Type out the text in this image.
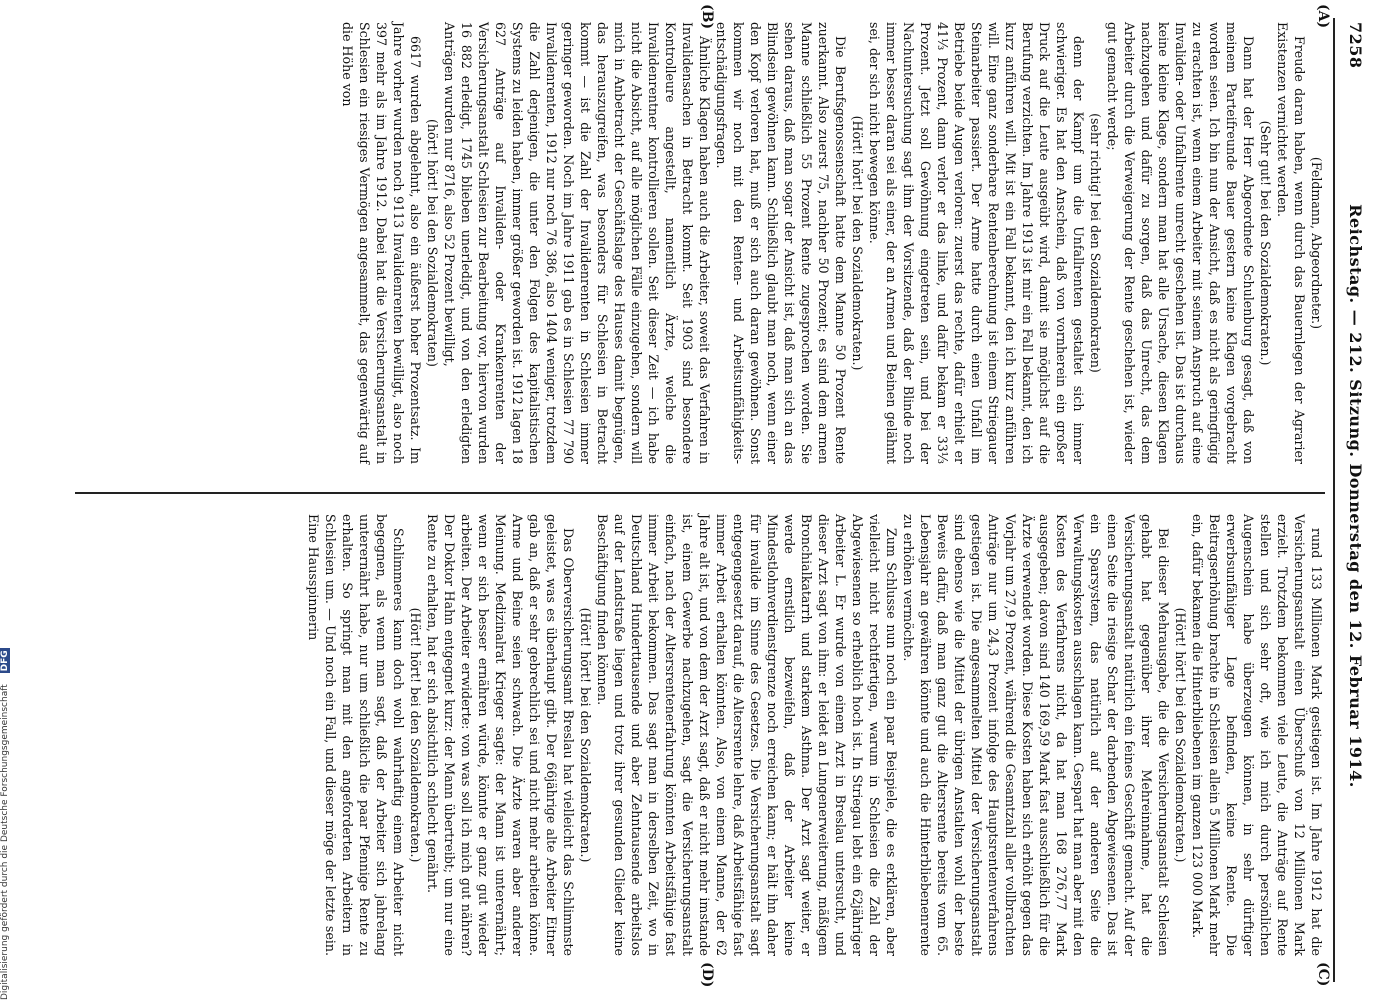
7258
Reichstag. — 212. Sitzung. Donnerstag den 12. Februar 1914.
(A)
(B)
(C)
(D)

(Feldmann, Abgeordneter.)

Freude daran haben, wenn durch das Bauernlegen der Agrarier Existenzen vernichtet werden.

(Sehr gut! bei den Sozialdemokraten.)

Dann hat der Herr Abgeordnete Schulenburg gesagt, daß von meinem Parteifreunde Bauer gestern keine Klagen vorgebracht worden seien. Ich bin nun der Ansicht, daß es nicht als geringfügig zu erachten ist, wenn einem Arbeiter mit seinem Anspruch auf eine Invaliden- oder Unfallrente unrecht geschehen ist. Das ist durchaus keine kleine Klage, sondern man hat alle Ursache, diesen Klagen nachzugehen und dafür zu sorgen, daß das Unrecht, das dem Arbeiter durch die Verweigerung der Rente geschehen ist, wieder gut gemacht werde;

(sehr richtig! bei den Sozialdemokraten)

denn der Kampf um die Unfallrenten gestaltet sich immer schwieriger. Es hat den Anschein, daß von vornherein ein großer Druck auf die Leute ausgeübt wird, damit sie möglichst auf die Berufung verzichten. Im Jahre 1913 ist mir ein Fall bekannt, den ich kurz anführen will. Mit ist ein Fall bekannt, den ich kurz anführen will. Eine ganz sonderbare Rentenberechnung ist einem Striegauer Steinarbeiter passiert. Der Arme hatte durch einen Unfall im Betriebe beide Augen verloren: zuerst das rechte, dafür erhielt er 41⅓ Prozent, dann verlor er das linke, und dafür bekam er 33⅓ Prozent. Jetzt soll Gewöhnung eingetreten sein, und bei der Nachuntersuchung sagt ihm der Vorsitzende, daß der Blinde noch immer besser daran sei als einer, der an Armen und Beinen gelähmt sei, der sich nicht bewegen könne.

(Hört! hört! bei den Sozialdemokraten.)

Die Berufsgenossenschaft hatte dem Manne 50 Prozent Rente zuerkannt. Also zuerst 75, nachher 50 Prozent; es sind dem armen Manne schließlich 55 Prozent Rente zugesprochen worden. Sie sehen daraus, daß man sogar der Ansicht ist, daß man sich an das Blindsein gewöhnen kann. Schließlich glaubt man noch, wenn einer den Kopf verloren hat, muß er sich auch daran gewöhnen. Sonst kommen wir noch mit den Renten- und Arbeitsunfähigkeits-entschädigungsfragen.

Ähnliche Klagen haben auch die Arbeiter, soweit das Verfahren in Invalidensachen in Betracht kommt. Seit 1903 sind besondere Kontrolleure angestellt, namentlich Ärzte, welche die Invalidenrentner kontrollieren sollen. Seit dieser Zeit — ich habe nicht die Absicht, auf alle möglichen Fälle einzugehen, sondern will mich in Anbetracht der Geschäftslage des Hauses damit begnügen, das herauszugreifen, was besonders für Schlesien in Betracht kommt — ist die Zahl der Invalidenrenten in Schlesien immer geringer geworden. Noch im Jahre 1911 gab es in Schlesien 77 790 Invalidenrenten, 1912 nur noch 76 386, also 1404 weniger, trotzdem die Zahl derjenigen, die unter den Folgen des kapitalistischen Systems zu leiden haben, immer größer geworden ist. 1912 lagen 18 627 Anträge auf Invaliden- oder Krankenrenten der Versicherungsanstalt Schlesien zur Bearbeitung vor, hiervon wurden 16 882 erledigt, 1745 blieben unerledigt, und von den erledigten Anträgen wurden nur 8716, also 52 Prozent bewilligt,

(hört! hört! bei den Sozialdemokraten)

6617 wurden abgelehnt, also ein äußerst hoher Prozentsatz. Im Jahre vorher wurden noch 9113 Invalidenrenten bewilligt, also noch 397 mehr als im Jahre 1912. Dabei hat die Versicherungsanstalt in Schlesien ein riesiges Vermögen angesammelt, das gegenwärtig auf die Höhe von

rund 133 Millionen Mark gestiegen ist. Im Jahre 1912 hat die Versicherungsanstalt einen Überschuß von 12 Millionen Mark erzielt. Trotzdem bekommen viele Leute, die Anträge auf Rente stellen und sich sehr oft, wie ich mich durch persönlichen Augenschein habe überzeugen können, in sehr dürftiger erwerbsunfähiger Lage befinden, keine Rente. Die Beitragserhöhung brachte in Schlesien allein 5 Millionen Mark mehr ein, dafür bekamen die Hinterbliebenen im ganzen 123 000 Mark.

(Hört! hört! bei den Sozialdemokraten.)

Bei dieser Mehrausgabe, die die Versicherungsanstalt Schlesien gehabt hat gegenüber ihrer Mehreinnahme, hat die Versicherungsanstalt natürlich ein feines Geschäft gemacht. Auf der einen Seite die riesige Schar der darbenden Abgewiesenen. Das ist ein Sparsystem, das natürlich auf der anderen Seite die Verwaltungskosten ausschlagen kann. Gespart hat man aber mit den Kosten des Verfahrens nicht, da hat man 168 276,77 Mark ausgegeben; davon sind 140 169,59 Mark fast ausschließlich für die Ärzte verwendet worden. Diese Kosten haben sich erhöht gegen das Vorjahr um 27,9 Prozent, während die Gesamtzahl aller vollbrachten Anträge nur um 24,3 Prozent infolge des Hauptsrentenverfahrens gestiegen ist. Die angesammelten Mittel der Versicherungsanstalt sind ebenso wie die Mittel der übrigen Anstalten wohl der beste Beweis dafür, daß man ganz gut die Altersrente bereits vom 65. Lebensjahr an gewähren könnte und auch die Hinterbliebenenrente zu erhöhen vermöchte.

Zum Schlusse nun noch ein paar Beispiele, die es erklären, aber vielleicht nicht rechtfertigen, warum in Schlesien die Zahl der Abgewiesenen so erheblich hoch ist. In Striegau lebt ein 62jähriger Arbeiter L. Er wurde von einem Arzt in Breslau untersucht, und dieser Arzt sagt von ihm: er leidet an Lungenerweiterung, mäßigem Bronchialkatarrh und starkem Asthma. Der Arzt sagt weiter, er werde ernstlich bezweifeln, daß der Arbeiter keine Mindestlohnverdienstgrenze noch erreichen kann; er hält ihn daher für invalide im Sinne des Gesetzes. Die Versicherungsanstalt sagt entgegengesetzt darauf, die Altersrente lehre, daß Arbeitsfähige fast immer Arbeit erhalten könnten. Also, von einem Manne, der 62 Jahre alt ist, und von dem der Arzt sagt, daß er nicht mehr imstande ist, einem Gewerbe nachzugehen, sagt die Versicherungsanstalt einfach, nach der Altersrentenerfahrung könnten Arbeitsfähige fast immer Arbeit bekommen. Das sagt man in derselben Zeit, wo in Deutschland Hunderttausende und aber Zehntausende arbeitslos auf der Landstraße liegen und trotz ihrer gesunden Glieder keine Beschäftigung finden können.

(Hört! hört! bei den Sozialdemokraten.)

Das Oberversicherungsamt Breslau hat vielleicht das Schlimmste geleistet, was es überhaupt gibt. Der 66jährige alte Arbeiter Eitner gab an, daß er sehr gebrechlich sei und nicht mehr arbeiten könne. Arme und Beine seien schwach. Die Ärzte waren aber anderer Meinung. Medizinalrat Krieger sagte: der Mann ist unterernährt; wenn er sich besser ernähren würde, könnte er ganz gut wieder arbeiten. Der Arbeiter erwiderte: von was soll ich mich gut nähren? Der Doktor Hahn entgegnet kurz: der Mann übertreibt; um nur eine Rente zu erhalten, hat er sich absichtlich schlecht genährt.

(Hört! hört! bei den Sozialdemokraten.)

Schlimmeres kann doch wohl wahrhaftig einem Arbeiter nicht begegnen, als wenn man sagt, daß der Arbeiter sich jahrelang unterernährt habe, nur um schließlich die paar Pfennige Rente zu erhalten. So springt man mit den angeforderten Arbeitern in Schlesien um. — Und noch ein Fall, und dieser möge der letzte sein. Eine Hausspinnerin

Digitalisierung gefördert durch die Deutsche Forschungsgemeinschaft DFG
